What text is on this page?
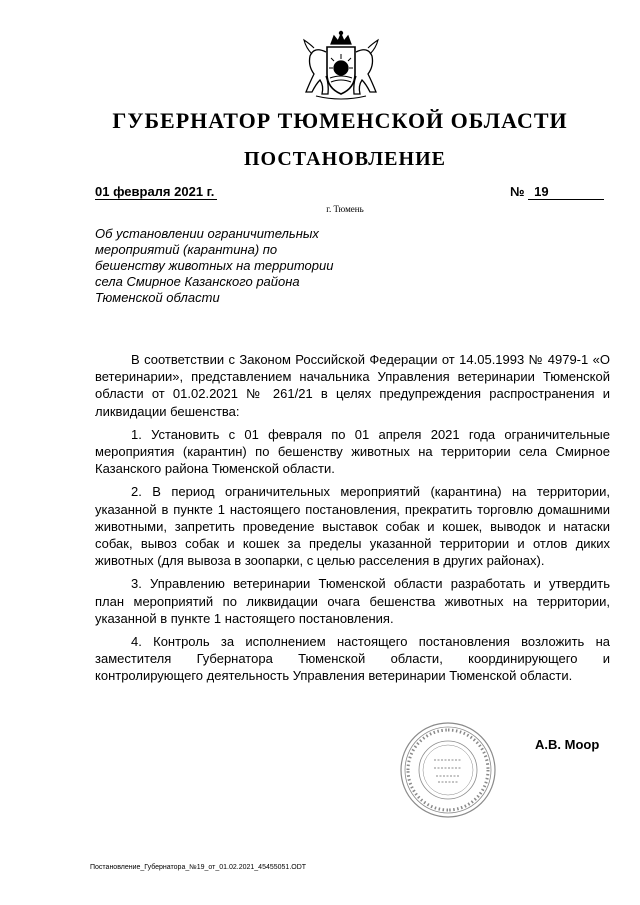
ГУБЕРНАТОР ТЮМЕНСКОЙ ОБЛАСТИ
ПОСТАНОВЛЕНИЕ
01 февраля 2021 г.	№ 19
г. Тюмень
Об установлении ограничительных
мероприятий (карантина) по
бешенству животных на территории
села Смирное Казанского района
Тюменской области

В соответствии с Законом Российской Федерации от 14.05.1993 № 4979-1 «О ветеринарии», представлением начальника Управления ветеринарии Тюменской области от 01.02.2021 № 261/21 в целях предупреждения распространения и ликвидации бешенства:

1. Установить с 01 февраля по 01 апреля 2021 года ограничительные мероприятия (карантин) по бешенству животных на территории села Смирное Казанского района Тюменской области.

2. В период ограничительных мероприятий (карантина) на территории, указанной в пункте 1 настоящего постановления, прекратить торговлю домашними животными, запретить проведение выставок собак и кошек, выводок и натаски собак, вывоз собак и кошек за пределы указанной территории и отлов диких животных (для вывоза в зоопарки, с целью расселения в других районах).

3. Управлению ветеринарии Тюменской области разработать и утвердить план мероприятий по ликвидации очага бешенства животных на территории, указанной в пункте 1 настоящего постановления.

4. Контроль за исполнением настоящего постановления возложить на заместителя Губернатора Тюменской области, координирующего и контролирующего деятельность Управления ветеринарии Тюменской области.

А.В. Моор
Постановление_Губернатора_№19_от_01.02.2021_45455051.ODT
